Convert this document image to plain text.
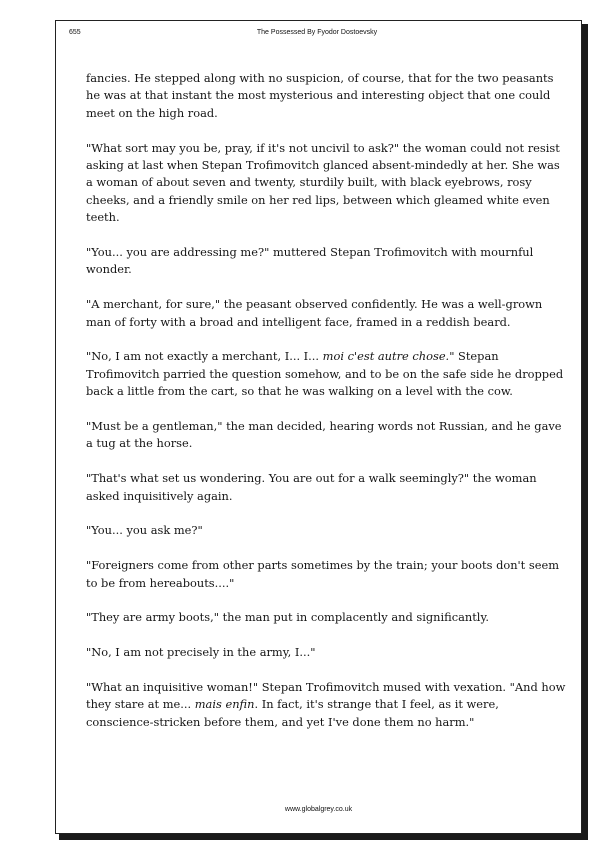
655	The Possessed By Fyodor Dostoevsky

fancies. He stepped along with no suspicion, of course, that for the two peasants he was at that instant the most mysterious and interesting object that one could meet on the high road.

"What sort may you be, pray, if it's not uncivil to ask?" the woman could not resist asking at last when Stepan Trofimovitch glanced absent-mindedly at her. She was a woman of about seven and twenty, sturdily built, with black eyebrows, rosy cheeks, and a friendly smile on her red lips, between which gleamed white even teeth.

"You... you are addressing me?" muttered Stepan Trofimovitch with mournful wonder.

"A merchant, for sure," the peasant observed confidently. He was a well-grown man of forty with a broad and intelligent face, framed in a reddish beard.

"No, I am not exactly a merchant, I... I... moi c'est autre chose." Stepan Trofimovitch parried the question somehow, and to be on the safe side he dropped back a little from the cart, so that he was walking on a level with the cow.

"Must be a gentleman," the man decided, hearing words not Russian, and he gave a tug at the horse.

"That's what set us wondering. You are out for a walk seemingly?" the woman asked inquisitively again.

"You... you ask me?"

"Foreigners come from other parts sometimes by the train; your boots don't seem to be from hereabouts...."

"They are army boots," the man put in complacently and significantly.

"No, I am not precisely in the army, I..."

"What an inquisitive woman!" Stepan Trofimovitch mused with vexation. "And how they stare at me... mais enfin. In fact, it's strange that I feel, as it were, conscience-stricken before them, and yet I've done them no harm."

www.globalgrey.co.uk
